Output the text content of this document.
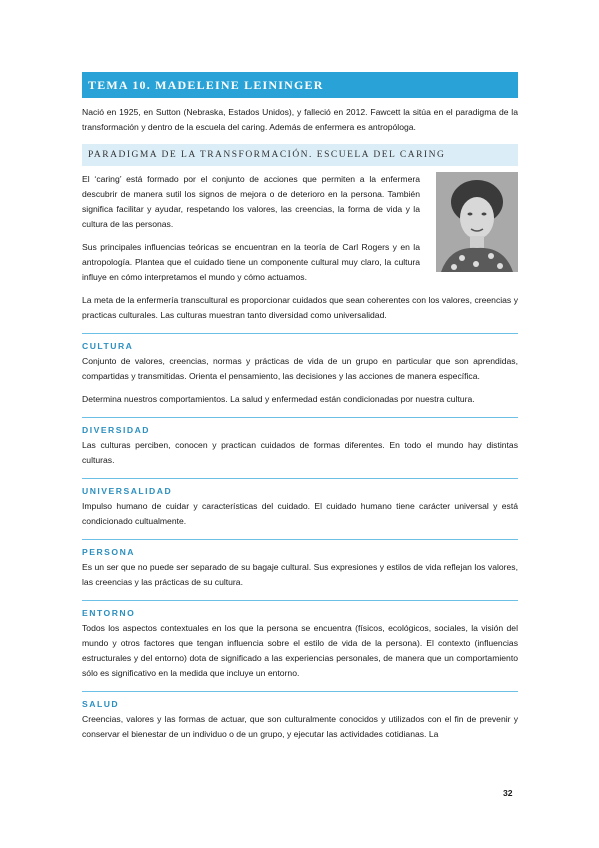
TEMA 10. MADELEINE LEININGER

Nació en 1925, en Sutton (Nebraska, Estados Unidos), y falleció en 2012. Fawcett la sitúa en el paradigma de la transformación y dentro de la escuela del caring. Además de enfermera es antropóloga.

PARADIGMA DE LA TRANSFORMACIÓN. ESCUELA DEL CARING

El ‘caring’ está formado por el conjunto de acciones que permiten a la enfermera descubrir de manera sutil los signos de mejora o de deterioro en la persona. También significa facilitar y ayudar, respetando los valores, las creencias, la forma de vida y la cultura de las personas.

Sus principales influencias teóricas se encuentran en la teoría de Carl Rogers y en la antropología. Plantea que el cuidado tiene un componente cultural muy claro, la cultura influye en cómo interpretamos el mundo y cómo actuamos.

La meta de la enfermería transcultural es proporcionar cuidados que sean coherentes con los valores, creencias y practicas culturales. Las culturas muestran tanto diversidad como universalidad.

CULTURA

Conjunto de valores, creencias, normas y prácticas de vida de un grupo en particular que son aprendidas, compartidas y transmitidas. Orienta el pensamiento, las decisiones y las acciones de manera específica.

Determina nuestros comportamientos. La salud y enfermedad están condicionadas por nuestra cultura.

DIVERSIDAD

Las culturas perciben, conocen y practican cuidados de formas diferentes. En todo el mundo hay distintas culturas.

UNIVERSALIDAD

Impulso humano de cuidar y características del cuidado. El cuidado humano tiene carácter universal y está condicionado cultualmente.

PERSONA

Es un ser que no puede ser separado de su bagaje cultural. Sus expresiones y estilos de vida reflejan los valores, las creencias y las prácticas de su cultura.

ENTORNO

Todos los aspectos contextuales en los que la persona se encuentra (físicos, ecológicos, sociales, la visión del mundo y otros factores que tengan influencia sobre el estilo de vida de la persona). El contexto (influencias estructurales y del entorno) dota de significado a las experiencias personales, de manera que un comportamiento sólo es significativo en la medida que incluye un entorno.

SALUD

Creencias, valores y las formas de actuar, que son culturalmente conocidos y utilizados con el fin de prevenir y conservar el bienestar de un individuo o de un grupo, y ejecutar las actividades cotidianas. La

32
